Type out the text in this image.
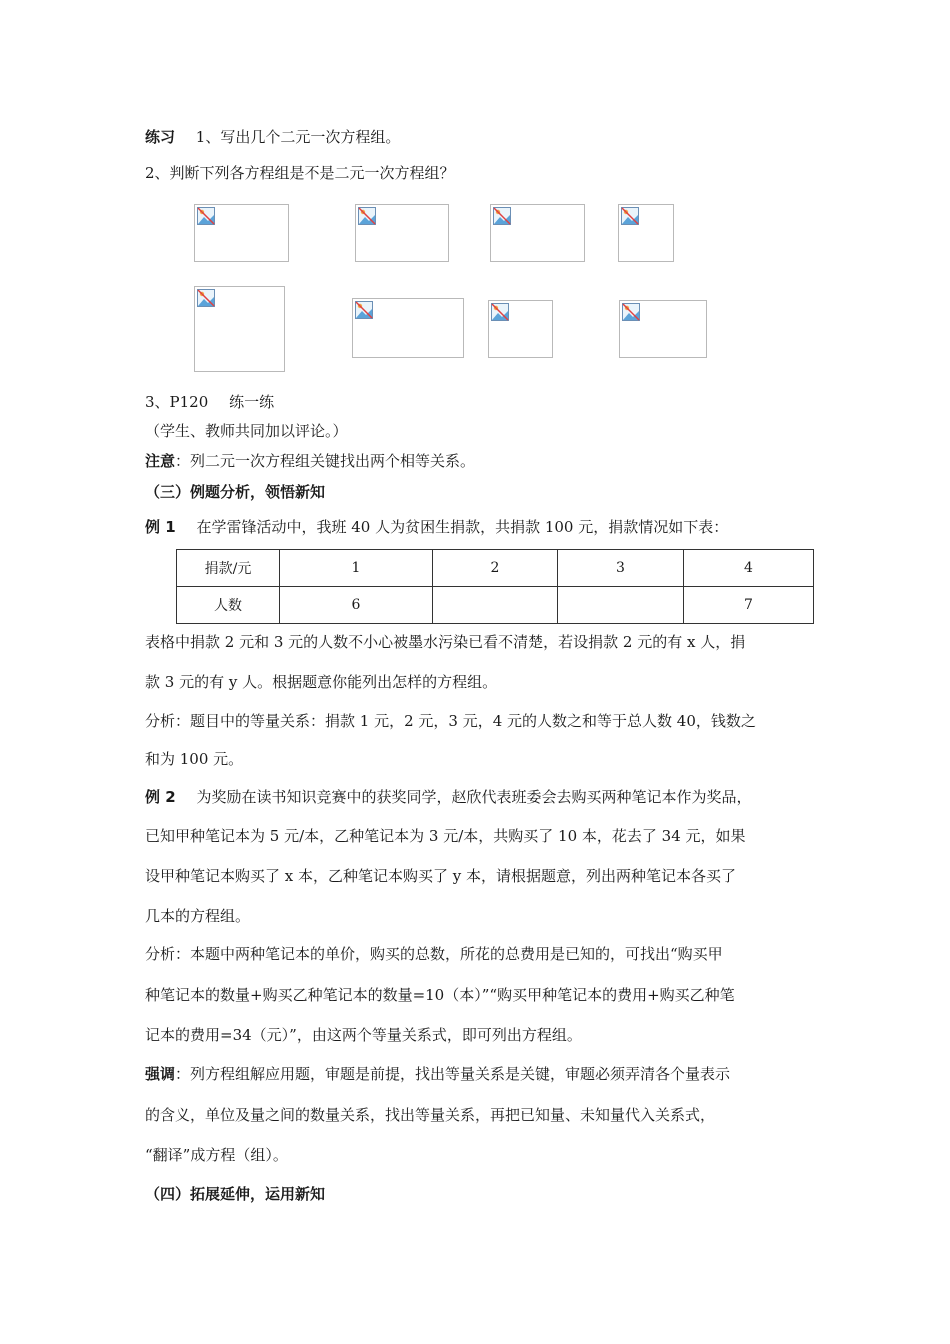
练习 1、写出几个二元一次方程组。
2、判断下列各方程组是不是二元一次方程组？
3、P120 练一练
（学生、教师共同加以评论。）
注意：列二元一次方程组关键找出两个相等关系。
（三）例题分析，领悟新知
例 1 在学雷锋活动中，我班 40 人为贫困生捐款，共捐款 100 元，捐款情况如下表：
捐款/元	1	2	3	4
人数	6			7
表格中捐款 2 元和 3 元的人数不小心被墨水污染已看不清楚，若设捐款 2 元的有 x 人，捐
款 3 元的有 y 人。根据题意你能列出怎样的方程组。
分析：题目中的等量关系：捐款 1 元，2 元，3 元，4 元的人数之和等于总人数 40，钱数之
和为 100 元。
例 2 为奖励在读书知识竞赛中的获奖同学，赵欣代表班委会去购买两种笔记本作为奖品，
已知甲种笔记本为 5 元/本，乙种笔记本为 3 元/本，共购买了 10 本，花去了 34 元，如果
设甲种笔记本购买了 x 本，乙种笔记本购买了 y 本，请根据题意，列出两种笔记本各买了
几本的方程组。
分析：本题中两种笔记本的单价，购买的总数，所花的总费用是已知的，可找出“购买甲
种笔记本的数量+购买乙种笔记本的数量=10（本）”“购买甲种笔记本的费用+购买乙种笔
记本的费用=34（元）”，由这两个等量关系式，即可列出方程组。
强调：列方程组解应用题，审题是前提，找出等量关系是关键，审题必须弄清各个量表示
的含义，单位及量之间的数量关系，找出等量关系，再把已知量、未知量代入关系式，
“翻译”成方程（组）。
（四）拓展延伸，运用新知
